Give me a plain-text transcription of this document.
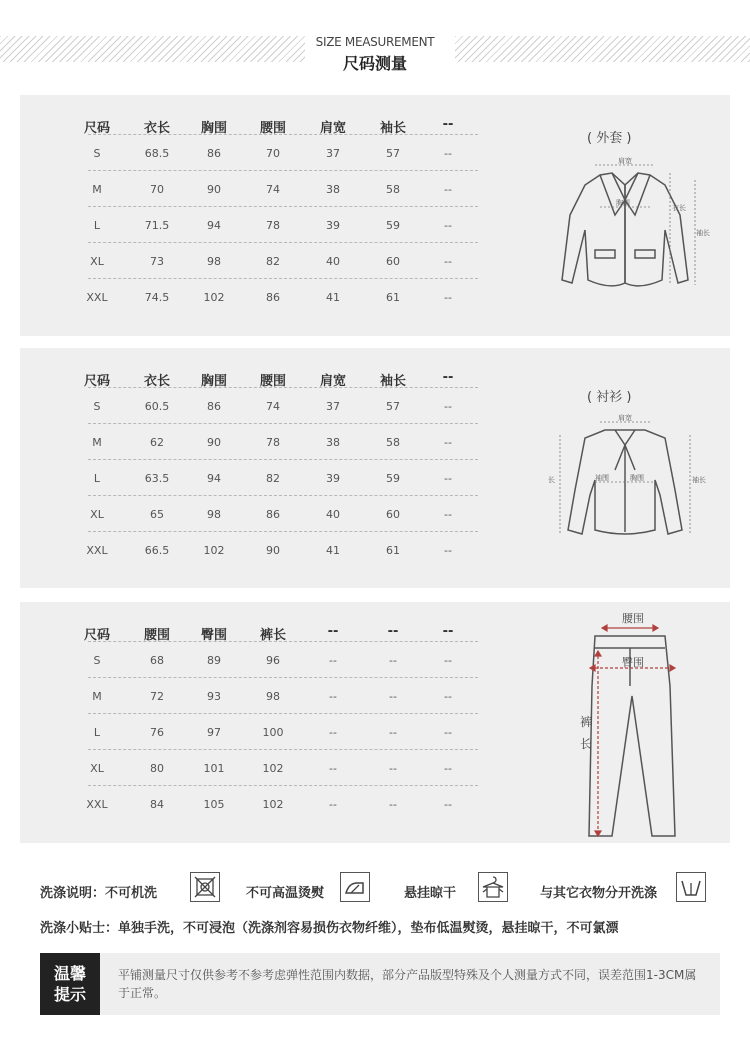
SIZE MEASUREMENT
尺码测量
( 外套 )
肩宽
胸围
衣长
袖长
( 衬衫 )
肩宽
胸围
袖围
长	袖长
腰围
臀围
裤
长
尺码	衣长	胸围	腰围	肩宽	袖长	--
S	68.5	86	70	37	57	--
M	70	90	74	38	58	--
L	71.5	94	78	39	59	--
XL	73	98	82	40	60	--
XXL	74.5	102	86	41	61	--
尺码	衣长	胸围	腰围	肩宽	袖长	--
S	60.5	86	74	37	57	--
M	62	90	78	38	58	--
L	63.5	94	82	39	59	--
XL	65	98	86	40	60	--
XXL	66.5	102	90	41	61	--
尺码	腰围	臀围	裤长	--	--	--
S	68	89	96	--	--	--
M	72	93	98	--	--	--
L	76	97	100	--	--	--
XL	80	101	102	--	--	--
XXL	84	105	102	--	--	--
洗涤说明：不可机洗	不可高温烫熨	悬挂晾干	与其它衣物分开洗涤
洗涤小贴士：单独手洗，不可浸泡（洗涤剂容易损伤衣物纤维），垫布低温熨烫，悬挂晾干，不可氯漂
温馨
提示
平铺测量尺寸仅供参考不参考虑弹性范围内数据，部分产品版型特殊及个人测量方式不同，误差范围1-3CM属于正常。
